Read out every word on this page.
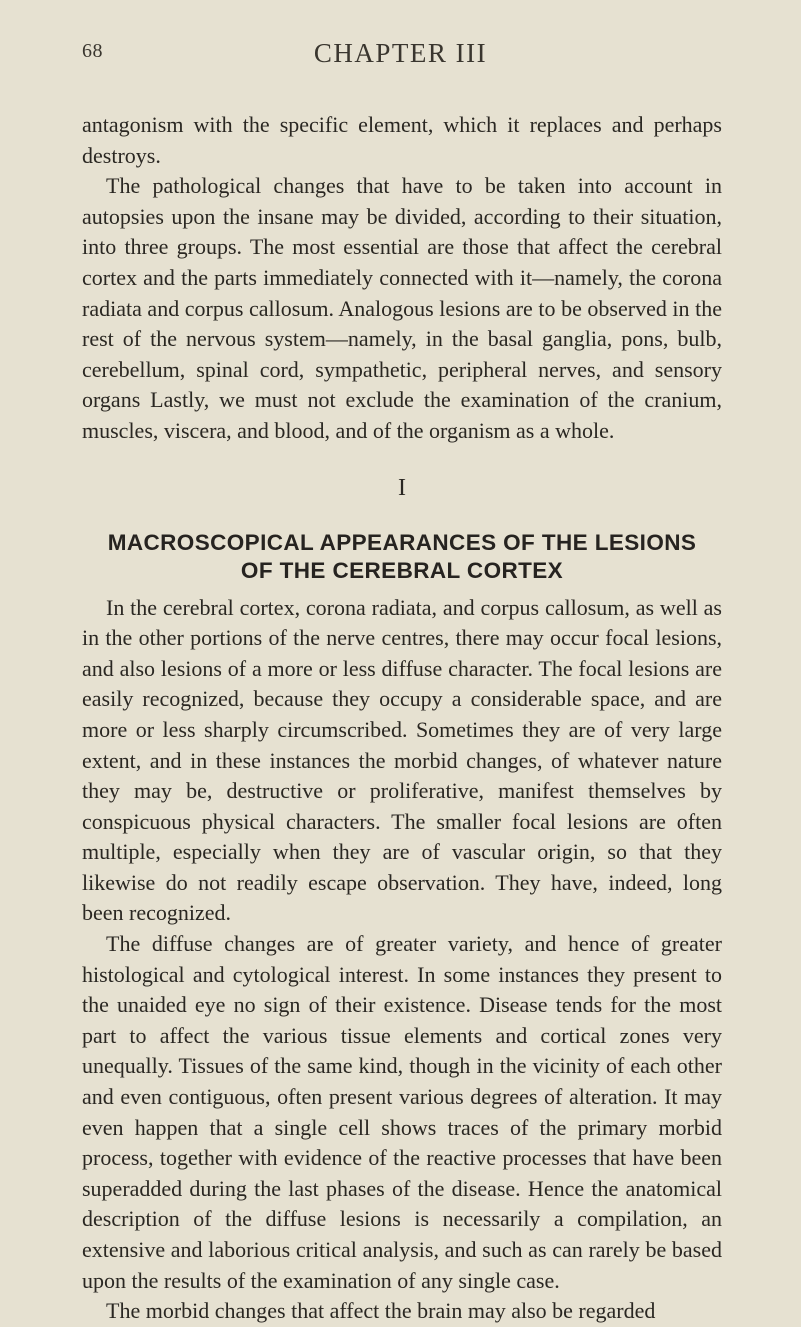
68	CHAPTER III

antagonism with the specific element, which it replaces and perhaps destroys.

The pathological changes that have to be taken into account in autopsies upon the insane may be divided, according to their situation, into three groups. The most essential are those that affect the cerebral cortex and the parts immediately connected with it—namely, the corona radiata and corpus callosum. Analogous lesions are to be observed in the rest of the nervous system—namely, in the basal ganglia, pons, bulb, cerebellum, spinal cord, sympathetic, peripheral nerves, and sensory organs Lastly, we must not exclude the examination of the cranium, muscles, viscera, and blood, and of the organism as a whole.

I
MACROSCOPICAL APPEARANCES OF THE LESIONS
OF THE CEREBRAL CORTEX

In the cerebral cortex, corona radiata, and corpus callosum, as well as in the other portions of the nerve centres, there may occur focal lesions, and also lesions of a more or less diffuse character. The focal lesions are easily recognized, because they occupy a considerable space, and are more or less sharply circumscribed. Sometimes they are of very large extent, and in these instances the morbid changes, of whatever nature they may be, destructive or proliferative, manifest themselves by conspicuous physical characters. The smaller focal lesions are often multiple, especially when they are of vascular origin, so that they likewise do not readily escape observation. They have, indeed, long been recognized.

The diffuse changes are of greater variety, and hence of greater histological and cytological interest. In some instances they present to the unaided eye no sign of their existence. Disease tends for the most part to affect the various tissue elements and cortical zones very unequally. Tissues of the same kind, though in the vicinity of each other and even contiguous, often present various degrees of alteration. It may even happen that a single cell shows traces of the primary morbid process, together with evidence of the reactive processes that have been superadded during the last phases of the disease. Hence the anatomical description of the diffuse lesions is necessarily a compilation, an extensive and laborious critical analysis, and such as can rarely be based upon the results of the examination of any single case.

The morbid changes that affect the brain may also be regarded
